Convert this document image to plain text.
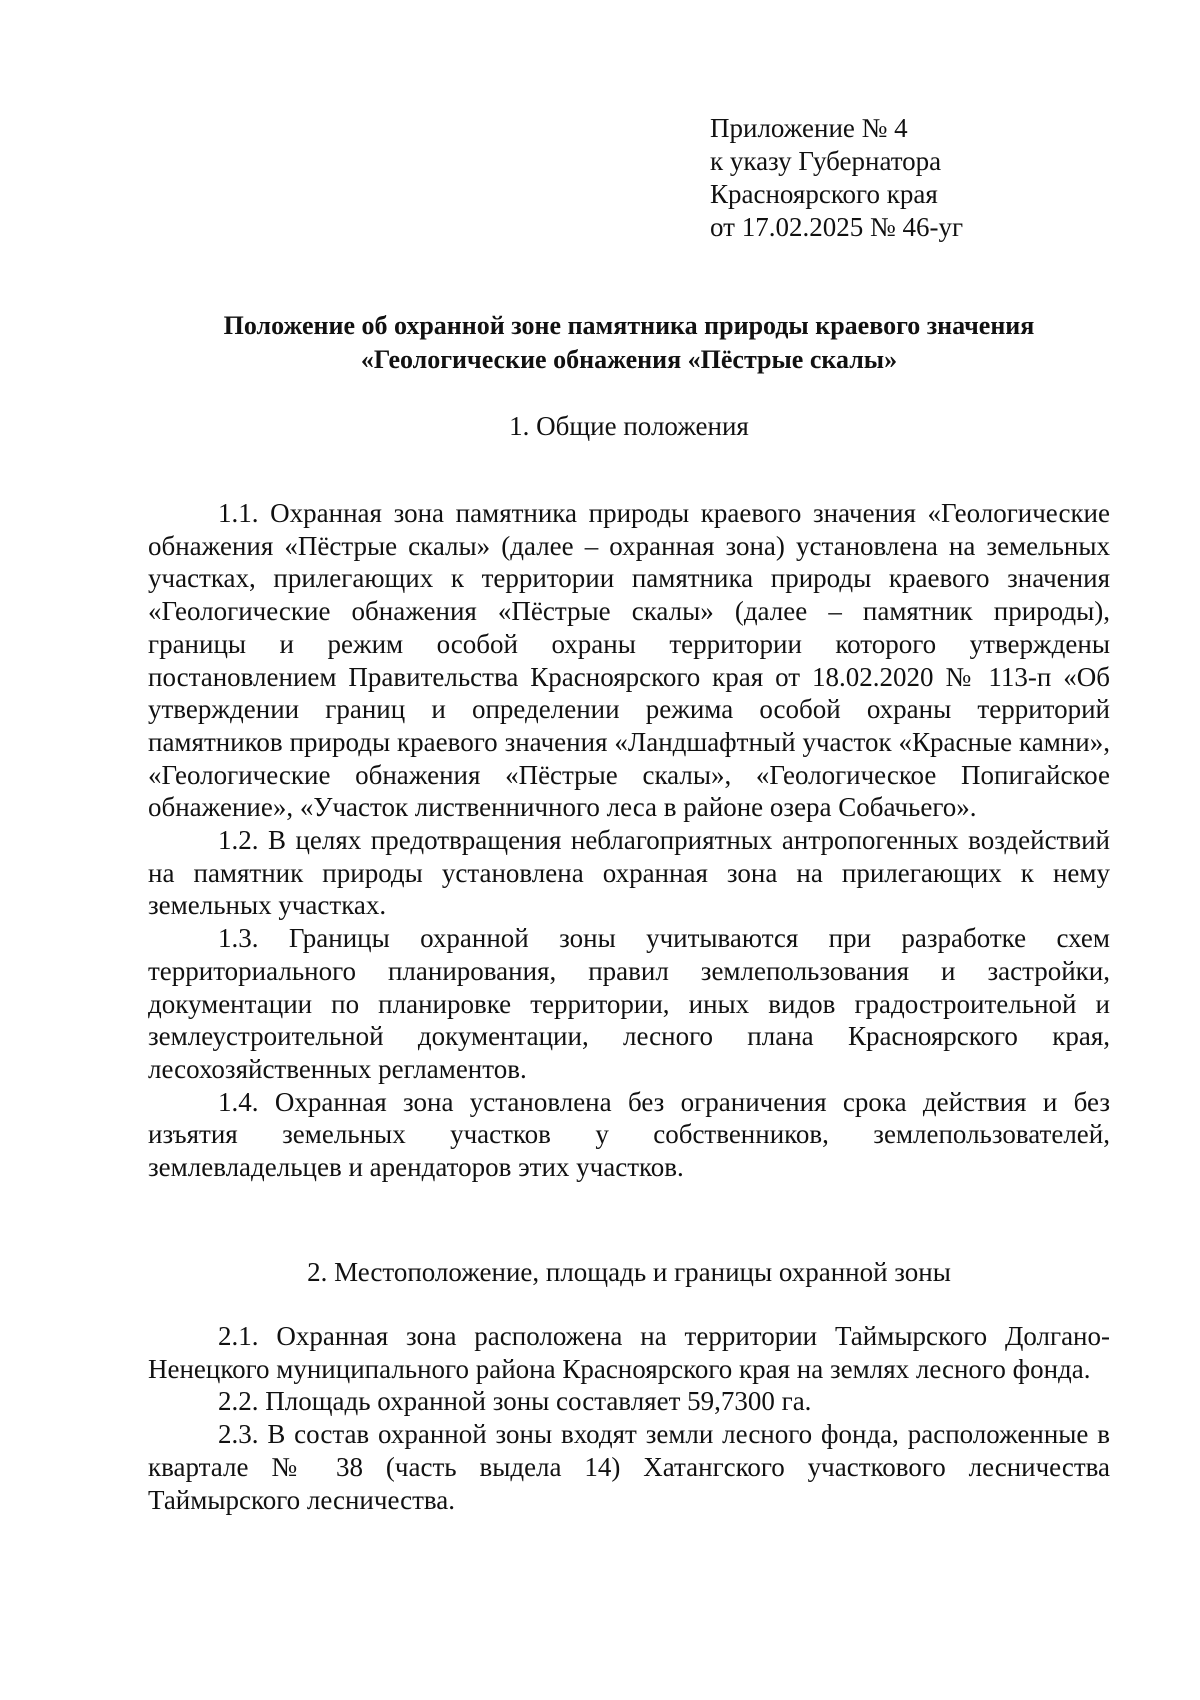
Приложение № 4
к указу Губернатора
Красноярского края
от 17.02.2025 № 46-уг
Положение об охранной зоне памятника природы краевого значения
«Геологические обнажения «Пёстрые скалы»
1. Общие положения

1.1. Охранная зона памятника природы краевого значения «Геологические обнажения «Пёстрые скалы» (далее – охранная зона) установлена на земельных участках, прилегающих к территории памятника природы краевого значения «Геологические обнажения «Пёстрые скалы» (далее – памятник природы), границы и режим особой охраны территории которого утверждены постановлением Правительства Красноярского края от 18.02.2020 № 113-п «Об утверждении границ и определении режима особой охраны территорий памятников природы краевого значения «Ландшафтный участок «Красные камни», «Геологические обнажения «Пёстрые скалы», «Геологическое Попигайское обнажение», «Участок лиственничного леса в районе озера Собачьего».

1.2. В целях предотвращения неблагоприятных антропогенных воздействий на памятник природы установлена охранная зона на прилегающих к нему земельных участках.

1.3. Границы охранной зоны учитываются при разработке схем территориального планирования, правил землепользования и застройки, документации по планировке территории, иных видов градостроительной и землеустроительной документации, лесного плана Красноярского края, лесохозяйственных регламентов.

1.4. Охранная зона установлена без ограничения срока действия и без изъятия земельных участков у собственников, землепользователей, землевладельцев и арендаторов этих участков.

2. Местоположение, площадь и границы охранной зоны

2.1. Охранная зона расположена на территории Таймырского Долгано-Ненецкого муниципального района Красноярского края на землях лесного фонда.

2.2. Площадь охранной зоны составляет 59,7300 га.

2.3. В состав охранной зоны входят земли лесного фонда, расположенные в квартале № 38 (часть выдела 14) Хатангского участкового лесничества Таймырского лесничества.
